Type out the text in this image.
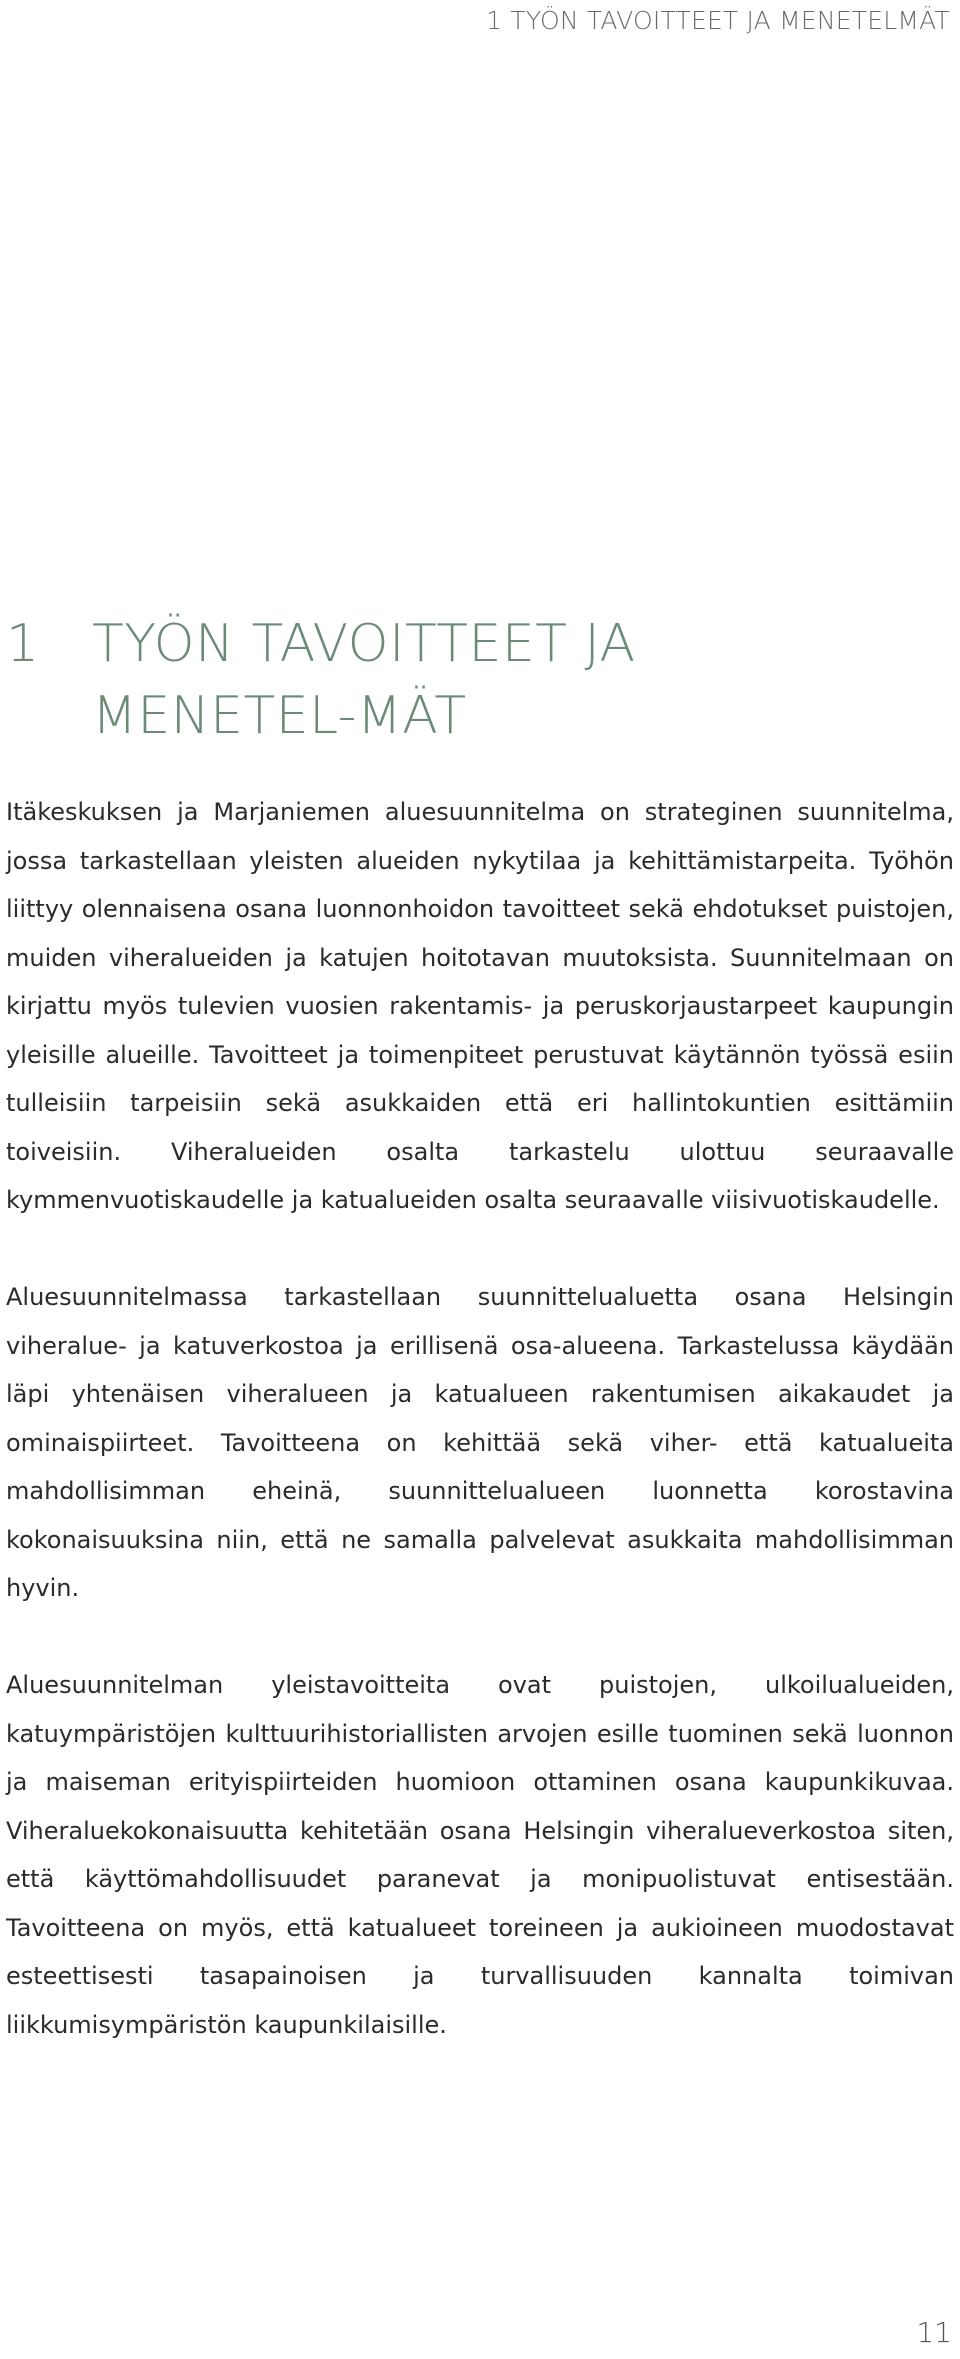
1 TYÖN TAVOITTEET JA MENETELMÄT
1	TYÖN TAVOITTEET JA MENETEL-MÄT

Itäkeskuksen ja Marjaniemen aluesuunnitelma on strateginen suunnitelma, jossa tarkastellaan yleisten alueiden nykytilaa ja kehittämistarpeita. Työhön liittyy olennaisena osana luonnonhoidon tavoitteet sekä ehdotukset puistojen, muiden viheralueiden ja katujen hoitotavan muutoksista. Suunnitelmaan on kirjattu myös tulevien vuosien rakentamis- ja peruskorjaustarpeet kaupungin yleisille alueille. Tavoitteet ja toimenpiteet perustuvat käytännön työssä esiin tulleisiin tarpeisiin sekä asukkaiden että eri hallintokuntien esittämiin toiveisiin. Viheralueiden osalta tarkastelu ulottuu seuraavalle kymmenvuotiskaudelle ja katualueiden osalta seuraavalle viisivuotiskaudelle.

Aluesuunnitelmassa tarkastellaan suunnittelualuetta osana Helsingin viheralue- ja katuverkostoa ja erillisenä osa-alueena. Tarkastelussa käydään läpi yhtenäisen viheralueen ja katualueen rakentumisen aikakaudet ja ominaispiirteet. Tavoitteena on kehittää sekä viher- että katualueita mahdollisimman eheinä, suunnittelualueen luonnetta korostavina kokonaisuuksina niin, että ne samalla palvelevat asukkaita mahdollisimman hyvin.

Aluesuunnitelman yleistavoitteita ovat puistojen, ulkoilualueiden, katuympäristöjen kulttuurihistoriallisten arvojen esille tuominen sekä luonnon ja maiseman erityispiirteiden huomioon ottaminen osana kaupunkikuvaa. Viheraluekokonaisuutta kehitetään osana Helsingin viheralueverkostoa siten, että käyttömahdollisuudet paranevat ja monipuolistuvat entisestään. Tavoitteena on myös, että katualueet toreineen ja aukioineen muodostavat esteettisesti tasapainoisen ja turvallisuuden kannalta toimivan liikkumisympäristön kaupunkilaisille.

11
